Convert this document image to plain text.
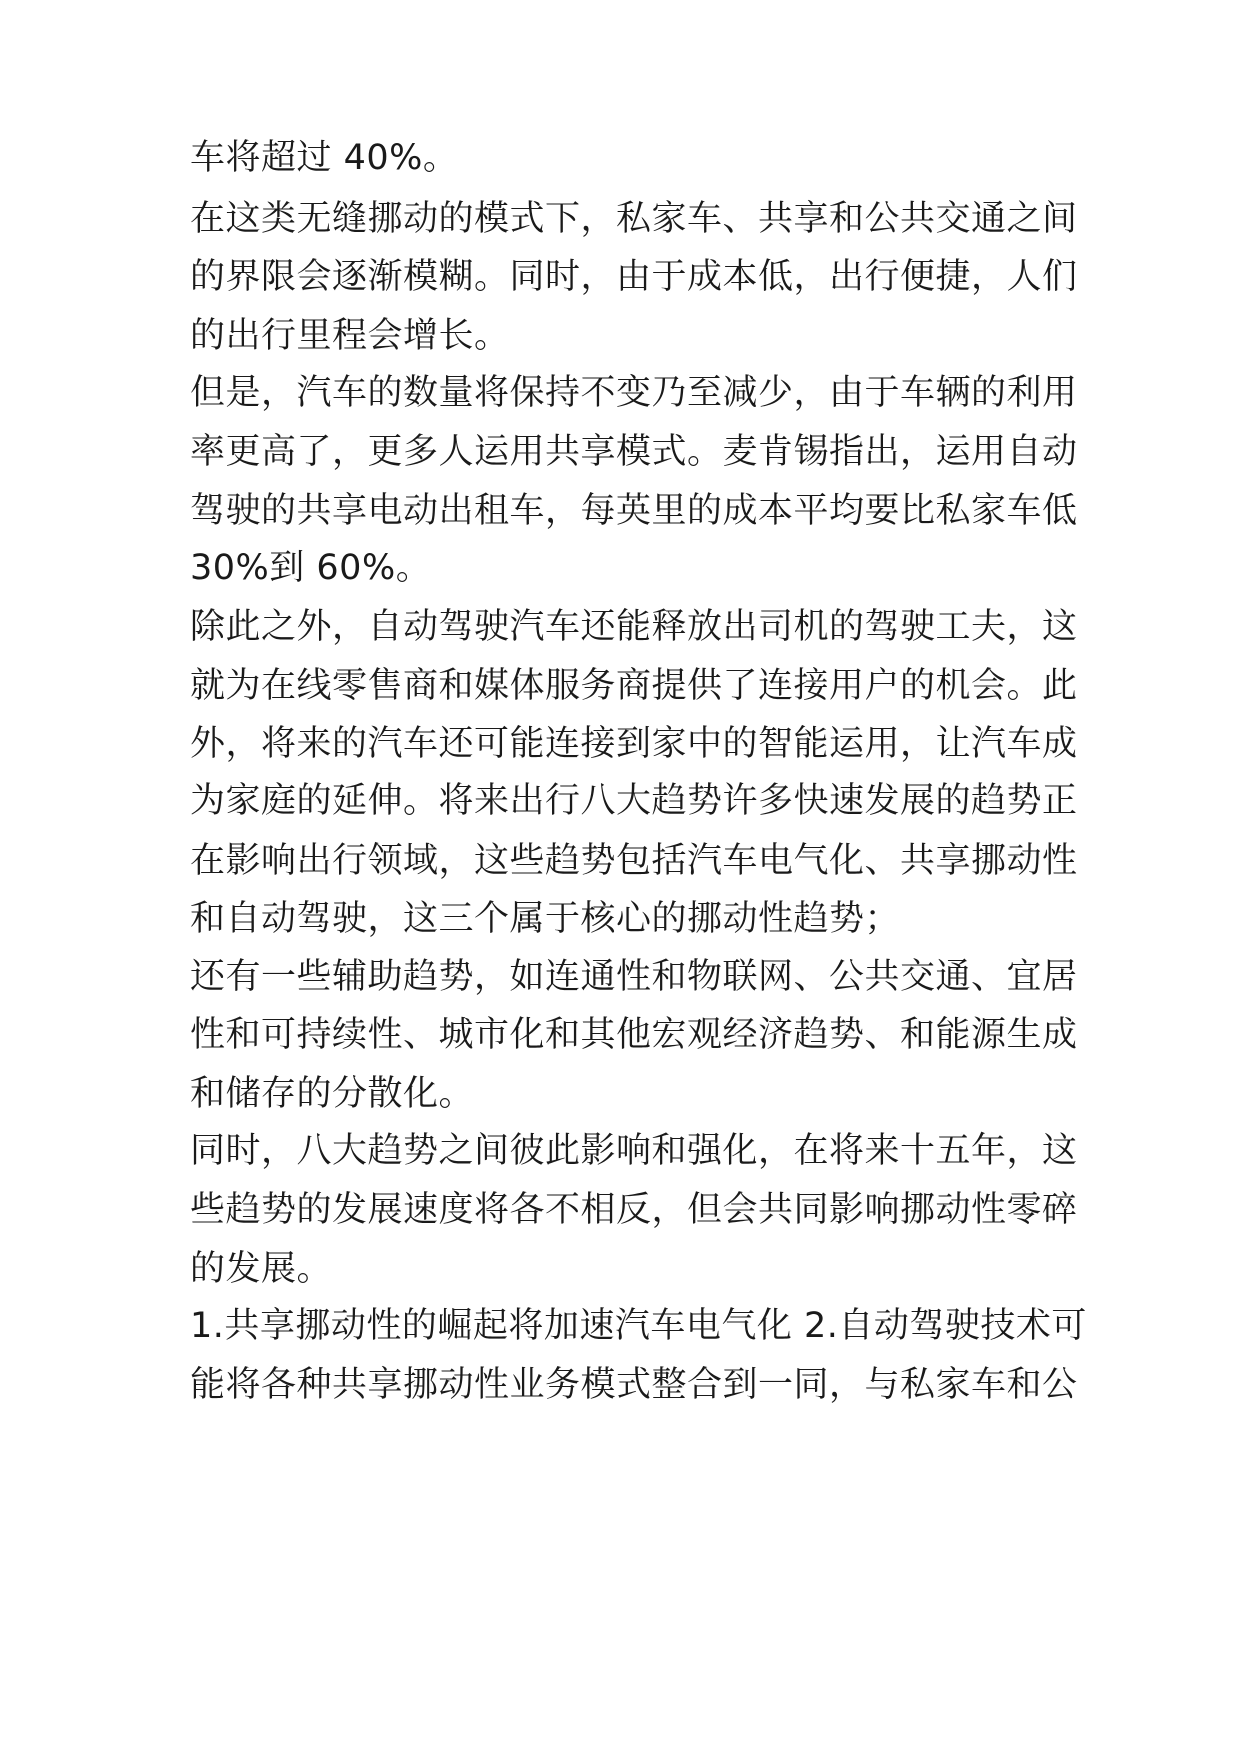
车将超过 40%。
在这类无缝挪动的模式下，私家车、共享和公共交通之间
的界限会逐渐模糊。同时，由于成本低，出行便捷，人们
的出行里程会增长。
但是，汽车的数量将保持不变乃至减少，由于车辆的利用
率更高了，更多人运用共享模式。麦肯锡指出，运用自动
驾驶的共享电动出租车，每英里的成本平均要比私家车低
30%到 60%。
除此之外，自动驾驶汽车还能释放出司机的驾驶工夫，这
就为在线零售商和媒体服务商提供了连接用户的机会。此
外，将来的汽车还可能连接到家中的智能运用，让汽车成
为家庭的延伸。将来出行八大趋势许多快速发展的趋势正
在影响出行领域，这些趋势包括汽车电气化、共享挪动性
和自动驾驶，这三个属于核心的挪动性趋势；
还有一些辅助趋势，如连通性和物联网、公共交通、宜居
性和可持续性、城市化和其他宏观经济趋势、和能源生成
和储存的分散化。
同时，八大趋势之间彼此影响和强化，在将来十五年，这
些趋势的发展速度将各不相反，但会共同影响挪动性零碎
的发展。
1.共享挪动性的崛起将加速汽车电气化 2.自动驾驶技术可
能将各种共享挪动性业务模式整合到一同，与私家车和公
